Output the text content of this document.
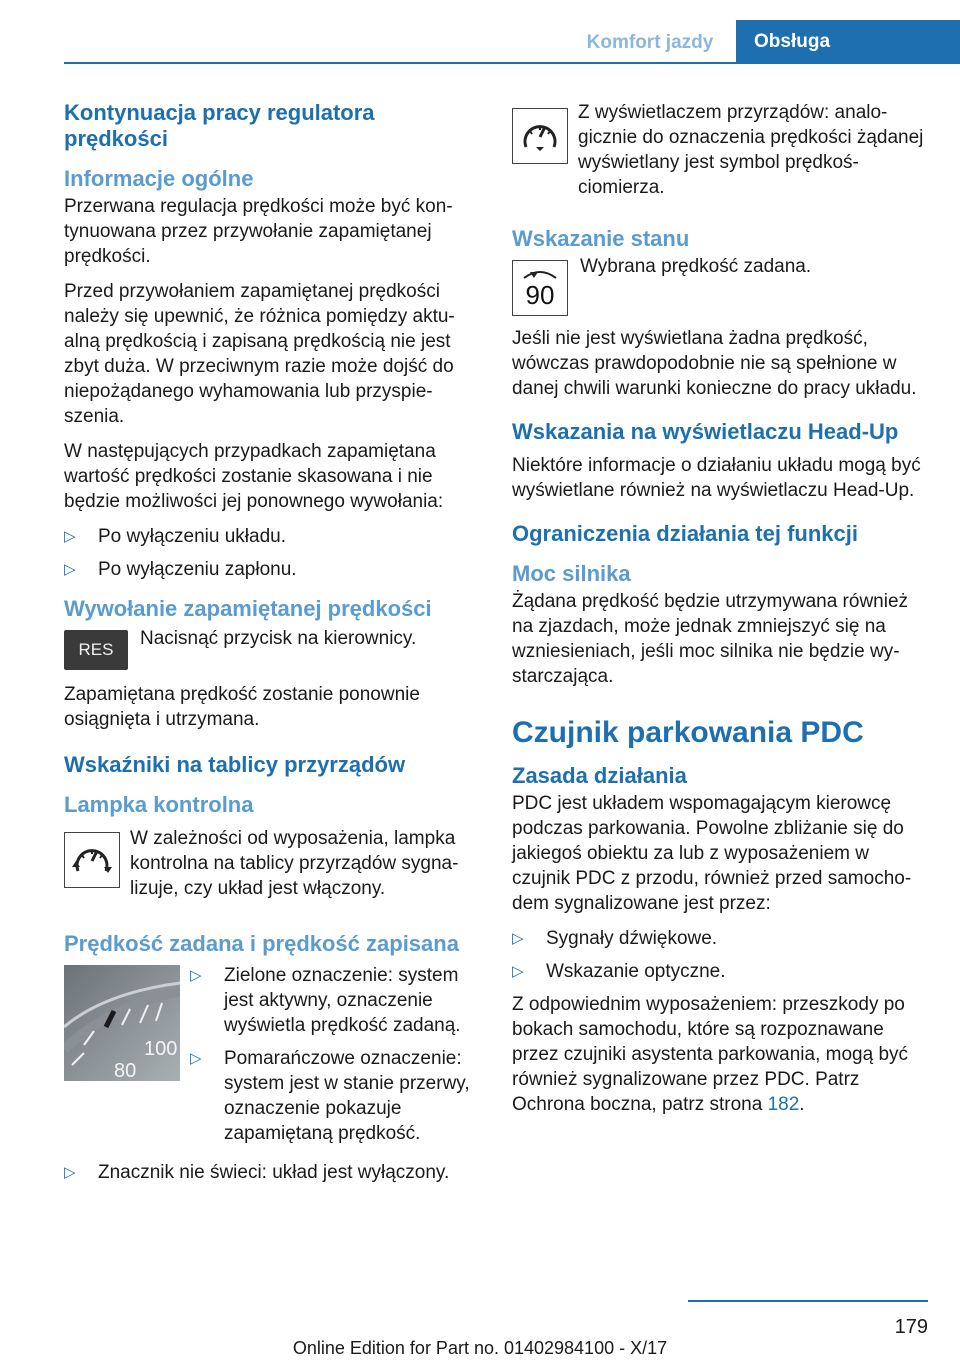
Komfort jazdy	Obsługa
Kontynuacja pracy regulatora prędkości
Informacje ogólne

Przerwana regulacja prędkości może być kontynuowana przez przywołanie zapamiętanej prędkości.

Przed przywołaniem zapamiętanej prędkości należy się upewnić, że różnica pomiędzy aktualną prędkością i zapisaną prędkością nie jest zbyt duża. W przeciwnym razie może dojść do niepożądanego wyhamowania lub przyspieszenia.

W następujących przypadkach zapamiętana wartość prędkości zostanie skasowana i nie będzie możliwości jej ponownego wywołania:

▷	Po wyłączeniu układu.
▷	Po wyłączeniu zapłonu.
Wywołanie zapamiętanej prędkości
RES

Nacisnąć przycisk na kierownicy.

Zapamiętana prędkość zostanie ponownie osiągnięta i utrzymana.

Wskaźniki na tablicy przyrządów
Lampka kontrolna

W zależności od wyposażenia, lampka kontrolna na tablicy przyrządów sygnalizuje, czy układ jest włączony.

Prędkość zadana i prędkość zapisana
100
80
▷	Zielone oznaczenie: system jest aktywny, oznaczenie wyświetla prędkość zadaną.
▷	Pomarańczowe oznaczenie: system jest w stanie przerwy, oznaczenie pokazuje zapamiętaną prędkość.
▷	Znacznik nie świeci: układ jest wyłączony.

Z wyświetlaczem przyrządów: analogicznie do oznaczenia prędkości żądanej wyświetlany jest symbol prędkościomierza.

Wskazanie stanu
90

Wybrana prędkość zadana.

Jeśli nie jest wyświetlana żadna prędkość, wówczas prawdopodobnie nie są spełnione w danej chwili warunki konieczne do pracy układu.

Wskazania na wyświetlaczu Head-Up

Niektóre informacje o działaniu układu mogą być wyświetlane również na wyświetlaczu Head-Up.

Ograniczenia działania tej funkcji
Moc silnika

Żądana prędkość będzie utrzymywana również na zjazdach, może jednak zmniejszyć się na wzniesieniach, jeśli moc silnika nie będzie wystarczająca.

Czujnik parkowania PDC
Zasada działania

PDC jest układem wspomagającym kierowcę podczas parkowania. Powolne zbliżanie się do jakiegoś obiektu za lub z wyposażeniem w czujnik PDC z przodu, również przed samochodem sygnalizowane jest przez:

▷	Sygnały dźwiękowe.
▷	Wskazanie optyczne.

Z odpowiednim wyposażeniem: przeszkody po bokach samochodu, które są rozpoznawane przez czujniki asystenta parkowania, mogą być również sygnalizowane przez PDC. Patrz Ochrona boczna, patrz strona 182.

179
Online Edition for Part no. 01402984100 - X/17
